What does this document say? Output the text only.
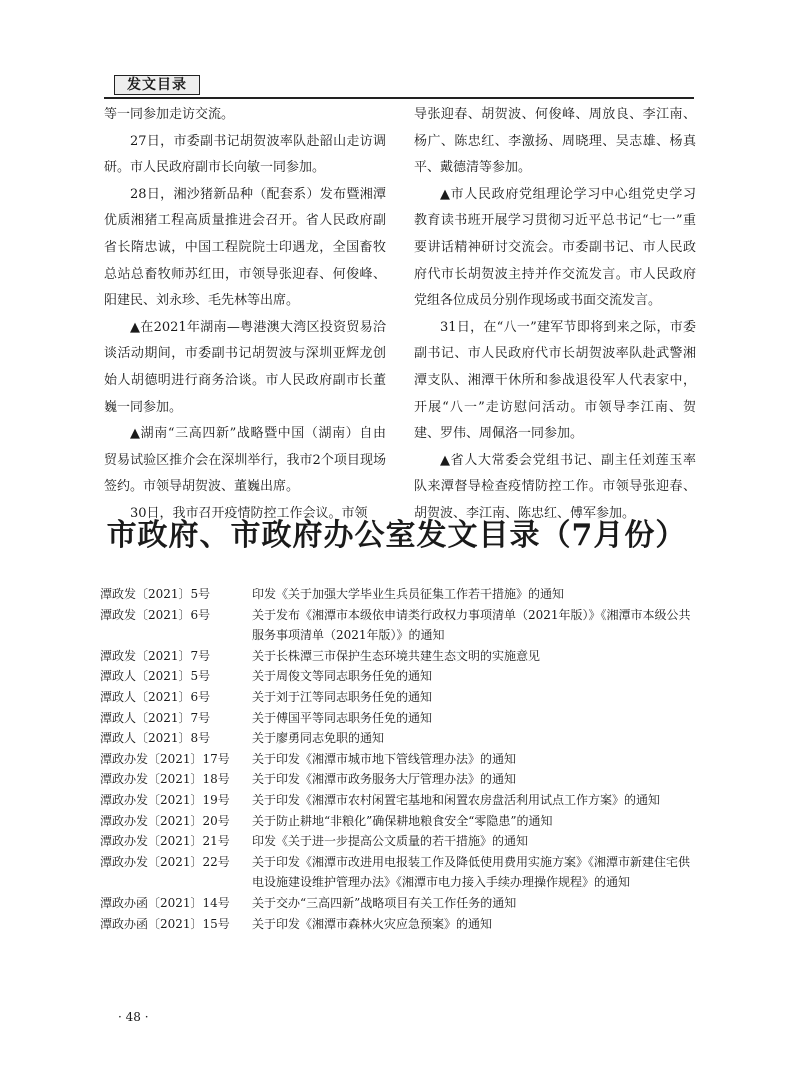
发文目录

等一同参加走访交流。

27日，市委副书记胡贺波率队赴韶山走访调研。市人民政府副市长向敏一同参加。

28日，湘沙猪新品种（配套系）发布暨湘潭优质湘猪工程高质量推进会召开。省人民政府副省长隋忠诚，中国工程院院士印遇龙，全国畜牧总站总畜牧师苏红田，市领导张迎春、何俊峰、阳建民、刘永珍、毛先林等出席。

▲在2021年湖南—粤港澳大湾区投资贸易洽谈活动期间，市委副书记胡贺波与深圳亚辉龙创始人胡德明进行商务洽谈。市人民政府副市长董巍一同参加。

▲湖南“三高四新”战略暨中国（湖南）自由贸易试验区推介会在深圳举行，我市2个项目现场签约。市领导胡贺波、董巍出席。

30日，我市召开疫情防控工作会议。市领

导张迎春、胡贺波、何俊峰、周放良、李江南、杨广、陈忠红、李激扬、周晓理、吴志雄、杨真平、戴德清等参加。

▲市人民政府党组理论学习中心组党史学习教育读书班开展学习贯彻习近平总书记“七一”重要讲话精神研讨交流会。市委副书记、市人民政府代市长胡贺波主持并作交流发言。市人民政府党组各位成员分别作现场或书面交流发言。

31日，在“八一”建军节即将到来之际，市委副书记、市人民政府代市长胡贺波率队赴武警湘潭支队、湘潭干休所和参战退役军人代表家中，开展“八一”走访慰问活动。市领导李江南、贺建、罗伟、周佩洛一同参加。

▲省人大常委会党组书记、副主任刘莲玉率队来潭督导检查疫情防控工作。市领导张迎春、胡贺波、李江南、陈忠红、傅军参加。

市政府、市政府办公室发文目录（7月份）
潭政发〔2021〕5号	印发《关于加强大学毕业生兵员征集工作若干措施》的通知
潭政发〔2021〕6号	关于发布《湘潭市本级依申请类行政权力事项清单（2021年版）》《湘潭市本级公共服务事项清单（2021年版）》的通知
潭政发〔2021〕7号	关于长株潭三市保护生态环境共建生态文明的实施意见
潭政人〔2021〕5号	关于周俊文等同志职务任免的通知
潭政人〔2021〕6号	关于刘于江等同志职务任免的通知
潭政人〔2021〕7号	关于傅国平等同志职务任免的通知
潭政人〔2021〕8号	关于廖勇同志免职的通知
潭政办发〔2021〕17号	关于印发《湘潭市城市地下管线管理办法》的通知
潭政办发〔2021〕18号	关于印发《湘潭市政务服务大厅管理办法》的通知
潭政办发〔2021〕19号	关于印发《湘潭市农村闲置宅基地和闲置农房盘活利用试点工作方案》的通知
潭政办发〔2021〕20号	关于防止耕地“非粮化”确保耕地粮食安全“零隐患”的通知
潭政办发〔2021〕21号	印发《关于进一步提高公文质量的若干措施》的通知
潭政办发〔2021〕22号	关于印发《湘潭市改进用电报装工作及降低使用费用实施方案》《湘潭市新建住宅供电设施建设维护管理办法》《湘潭市电力接入手续办理操作规程》的通知
潭政办函〔2021〕14号	关于交办“三高四新”战略项目有关工作任务的通知
潭政办函〔2021〕15号	关于印发《湘潭市森林火灾应急预案》的通知
· 48 ·
